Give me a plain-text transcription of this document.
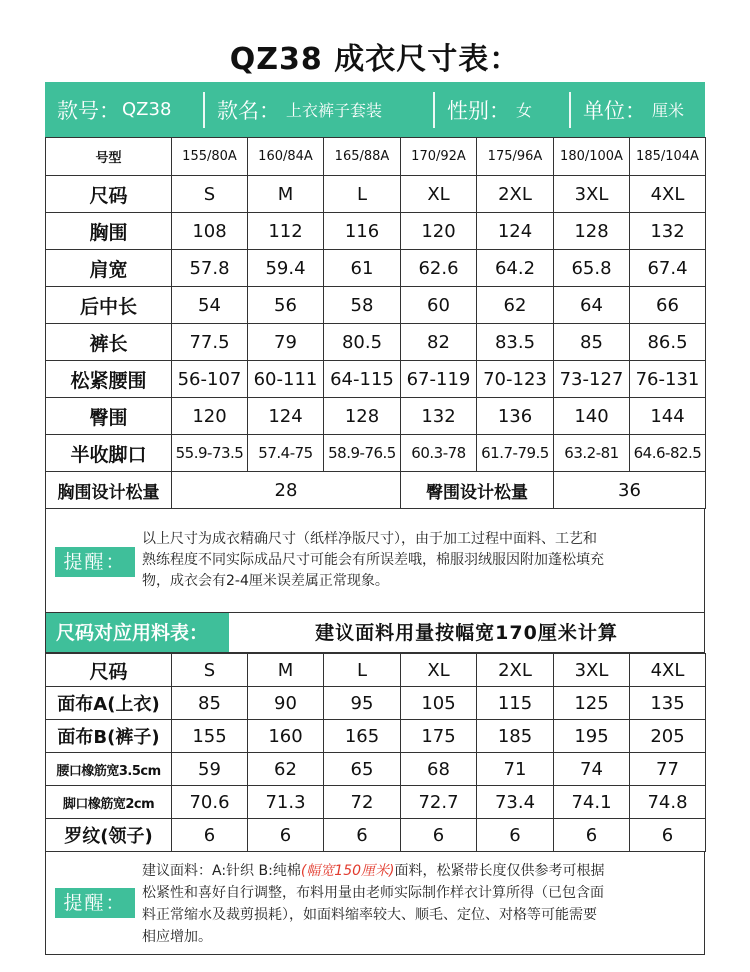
QZ38 成衣尺寸表：
款号： QZ38 款名： 上衣裤子套装	性别： 女 单位： 厘米
号型	155/80A	160/84A	165/88A	170/92A	175/96A	180/100A	185/104A
尺码	S	M	L	XL	2XL	3XL	4XL
胸围	108	112	116	120	124	128	132
肩宽	57.8	59.4	61	62.6	64.2	65.8	67.4
后中长	54	56	58	60	62	64	66
裤长	77.5	79	80.5	82	83.5	85	86.5
松紧腰围	56-107	60-111	64-115	67-119	70-123	73-127	76-131
臀围	120	124	128	132	136	140	144
半收脚口	55.9-73.5	57.4-75	58.9-76.5	60.3-78	61.7-79.5	63.2-81	64.6-82.5
胸围设计松量	28			臀围设计松量		36	
提醒：
以上尺寸为成衣精确尺寸（纸样净版尺寸），由于加工过程中面料、工艺和
熟练程度不同实际成品尺寸可能会有所误差哦，棉服羽绒服因附加蓬松填充
物，成衣会有2-4厘米误差属正常现象。
尺码对应用料表：	建议面料用量按幅宽170厘米计算
尺码	S	M	L	XL	2XL	3XL	4XL
面布A(上衣)	85	90	95	105	115	125	135
面布B(裤子)	155	160	165	175	185	195	205
腰口橡筋宽3.5cm	59	62	65	68	71	74	77
脚口橡筋宽2cm	70.6	71.3	72	72.7	73.4	74.1	74.8
罗纹(领子)	6	6	6	6	6	6	6
提醒：
建议面料：A:针织 B:纯棉(幅宽150厘米)面料，松紧带长度仅供参考可根据
松紧性和喜好自行调整，布料用量由老师实际制作样衣计算所得（已包含面
料正常缩水及裁剪损耗），如面料缩率较大、顺毛、定位、对格等可能需要
相应增加。
